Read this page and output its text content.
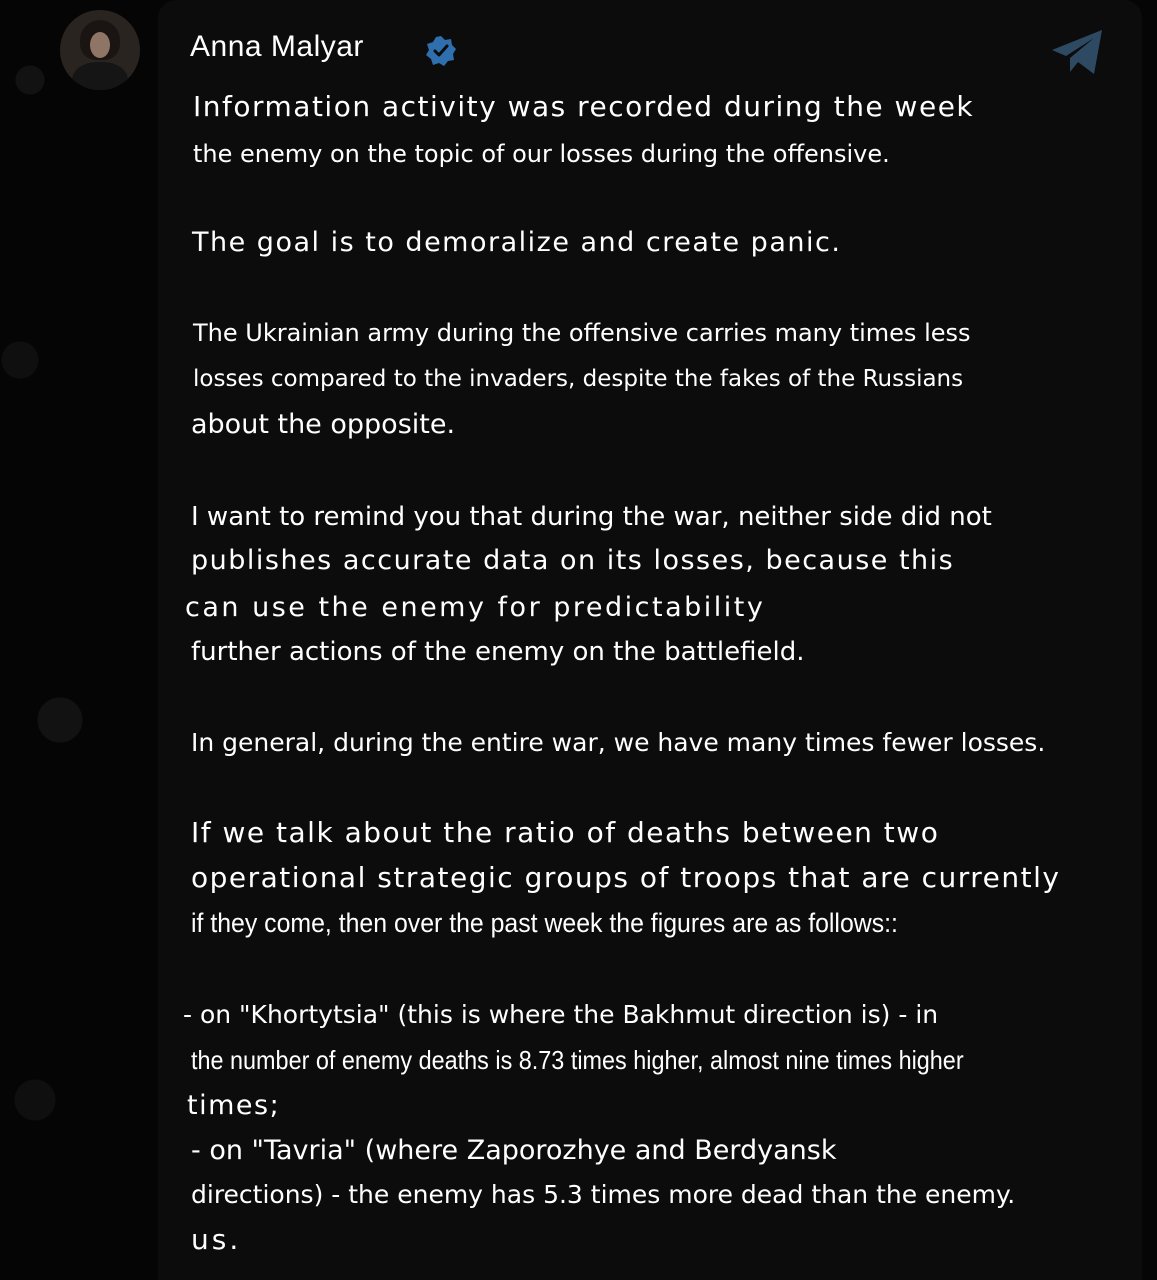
Anna Malyar
Information activity was recorded during the week
the enemy on the topic of our losses during the offensive.
The goal is to demoralize and create panic.
The Ukrainian army during the offensive carries many times less
losses compared to the invaders, despite the fakes of the Russians
about the opposite.
I want to remind you that during the war, neither side did not
publishes accurate data on its losses, because this
can use the enemy for predictability
further actions of the enemy on the battlefield.
In general, during the entire war, we have many times fewer losses.
If we talk about the ratio of deaths between two
operational strategic groups of troops that are currently
if they come, then over the past week the figures are as follows::
- on "Khortytsia" (this is where the Bakhmut direction is) - in
the number of enemy deaths is 8.73 times higher, almost nine times higher
times;
- on "Tavria" (where Zaporozhye and Berdyansk
directions) - the enemy has 5.3 times more dead than the enemy.
us.
